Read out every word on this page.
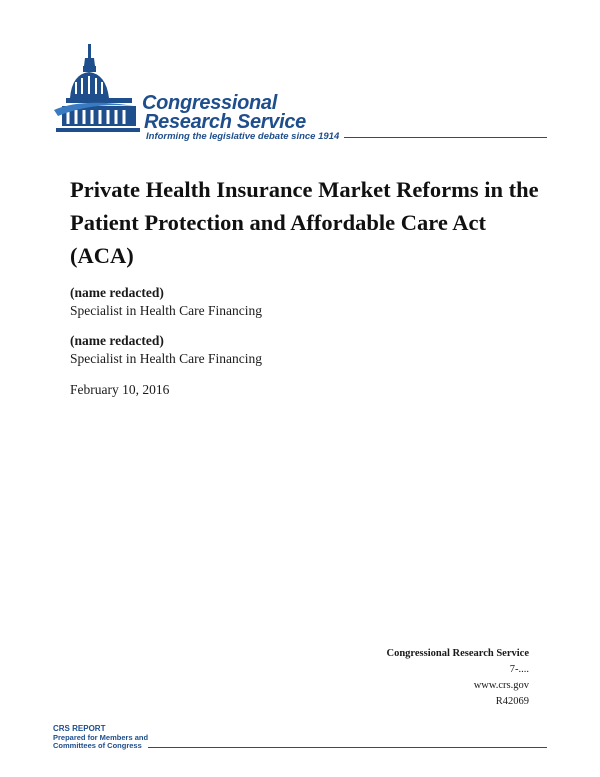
Congressional
Research Service
Informing the legislative debate since 1914
Private Health Insurance Market Reforms in the Patient Protection and Affordable Care Act (ACA)
(name redacted)
Specialist in Health Care Financing
(name redacted)
Specialist in Health Care Financing
February 10, 2016
Congressional Research Service
7-....
www.crs.gov
R42069
CRS REPORT
Prepared for Members and
Committees of Congress
